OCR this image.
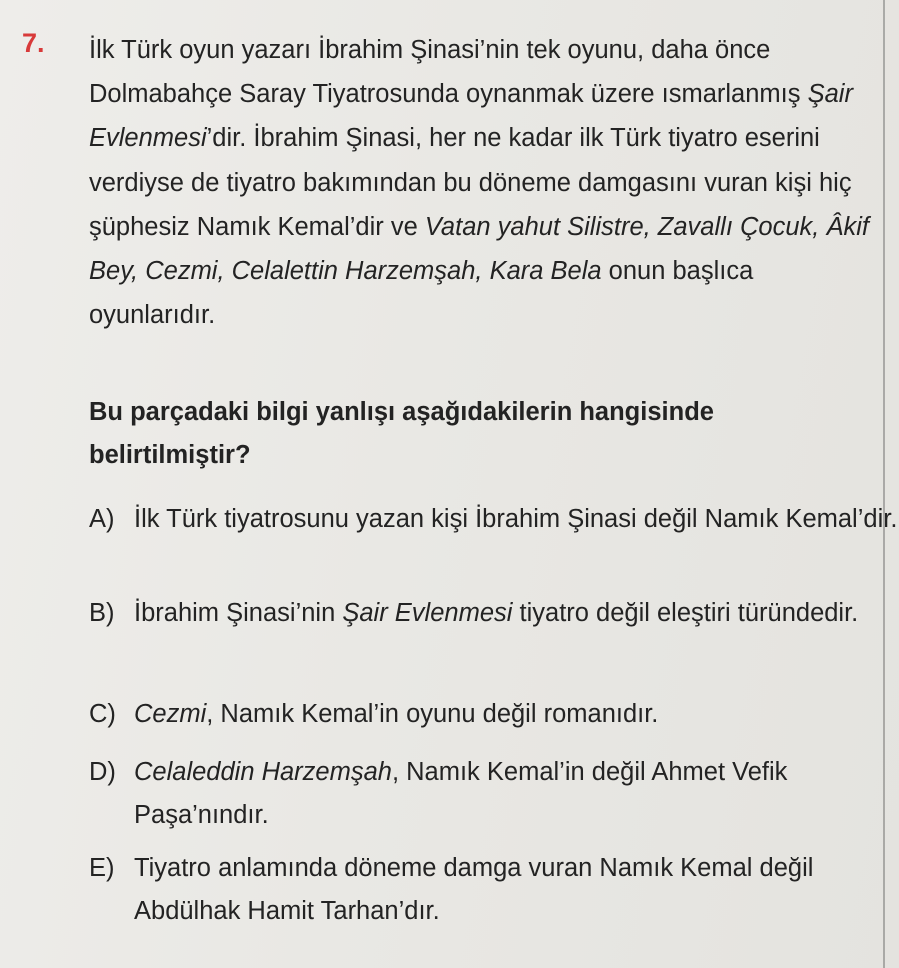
7. İlk Türk oyun yazarı İbrahim Şinasi’nin tek oyunu, daha önce Dolmabahçe Saray Tiyatrosunda oynanmak üzere ısmarlanmış Şair Evlenmesi’dir. İbrahim Şinasi, her ne kadar ilk Türk tiyatro eserini verdiyse de tiyatro bakımından bu döneme damgasını vuran kişi hiç şüphesiz Namık Kemal’dir ve Vatan yahut Silistre, Zavallı Çocuk, Âkif Bey, Cezmi, Celalettin Harzemşah, Kara Bela onun başlıca oyunlarıdır.

Bu parçadaki bilgi yanlışı aşağıdakilerin hangisinde belirtilmiştir?

A) İlk Türk tiyatrosunu yazan kişi İbrahim Şinasi değil Namık Kemal’dir.

B) İbrahim Şinasi’nin Şair Evlenmesi tiyatro değil eleştiri türündedir.

C) Cezmi, Namık Kemal’in oyunu değil romanıdır.

D) Celaleddin Harzemşah, Namık Kemal’in değil Ahmet Vefik Paşa’nındır.

E) Tiyatro anlamında döneme damga vuran Namık Kemal değil Abdülhak Hamit Tarhan’dır.
